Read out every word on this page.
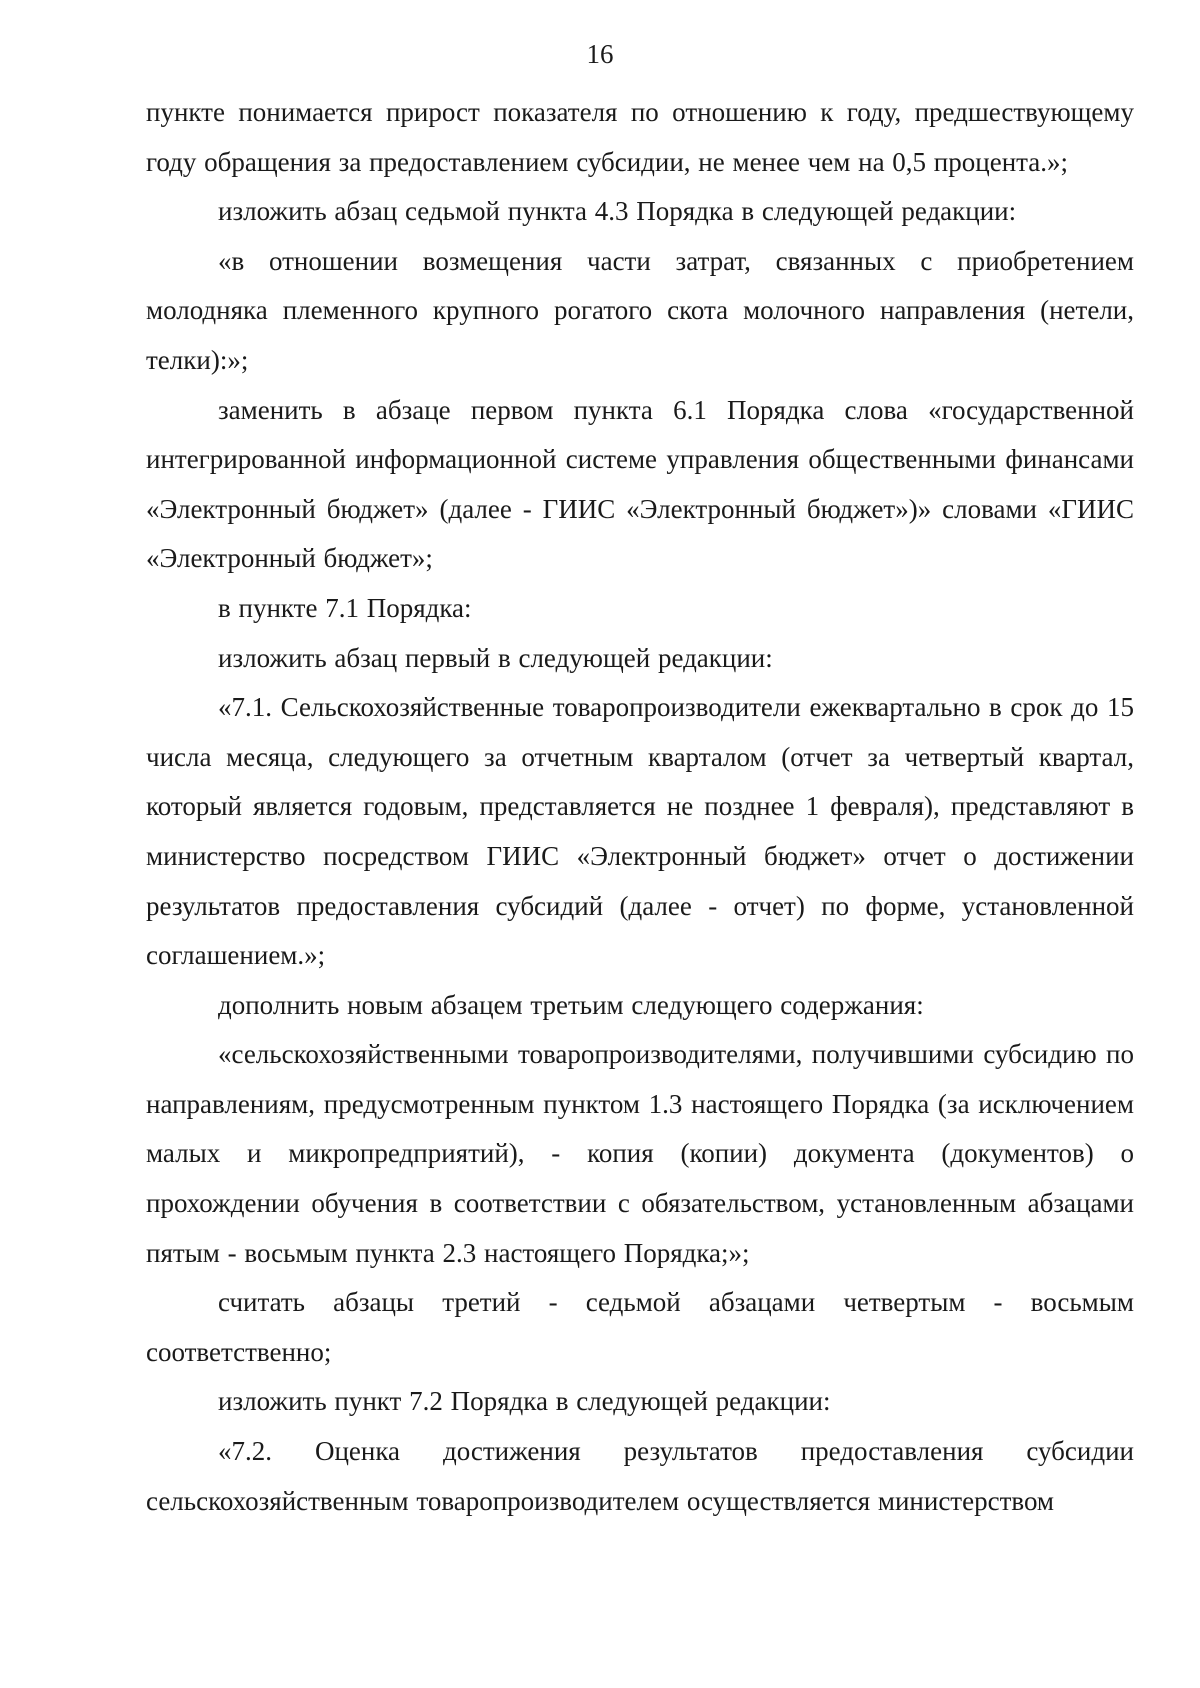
16

пункте понимается прирост показателя по отношению к году, предшествующему году обращения за предоставлением субсидии, не менее чем на 0,5 процента.»;

изложить абзац седьмой пункта 4.3 Порядка в следующей редакции:

«в отношении возмещения части затрат, связанных с приобретением молодняка племенного крупного рогатого скота молочного направления (нетели, телки):»;

заменить в абзаце первом пункта 6.1 Порядка слова «государственной интегрированной информационной системе управления общественными финансами «Электронный бюджет» (далее - ГИИС «Электронный бюджет»)» словами «ГИИС «Электронный бюджет»;

в пункте 7.1 Порядка:

изложить абзац первый в следующей редакции:

«7.1. Сельскохозяйственные товаропроизводители ежеквартально в срок до 15 числа месяца, следующего за отчетным кварталом (отчет за четвертый квартал, который является годовым, представляется не позднее 1 февраля), представляют в министерство посредством ГИИС «Электронный бюджет» отчет о достижении результатов предоставления субсидий (далее - отчет) по форме, установленной соглашением.»;

дополнить новым абзацем третьим следующего содержания:

«сельскохозяйственными товаропроизводителями, получившими субсидию по направлениям, предусмотренным пунктом 1.3 настоящего Порядка (за исключением малых и микропредприятий), - копия (копии) документа (документов) о прохождении обучения в соответствии с обязательством, установленным абзацами пятым - восьмым пункта 2.3 настоящего Порядка;»;

считать абзацы третий - седьмой абзацами четвертым - восьмым соответственно;

изложить пункт 7.2 Порядка в следующей редакции:

«7.2. Оценка достижения результатов предоставления субсидии сельскохозяйственным товаропроизводителем осуществляется министерством
